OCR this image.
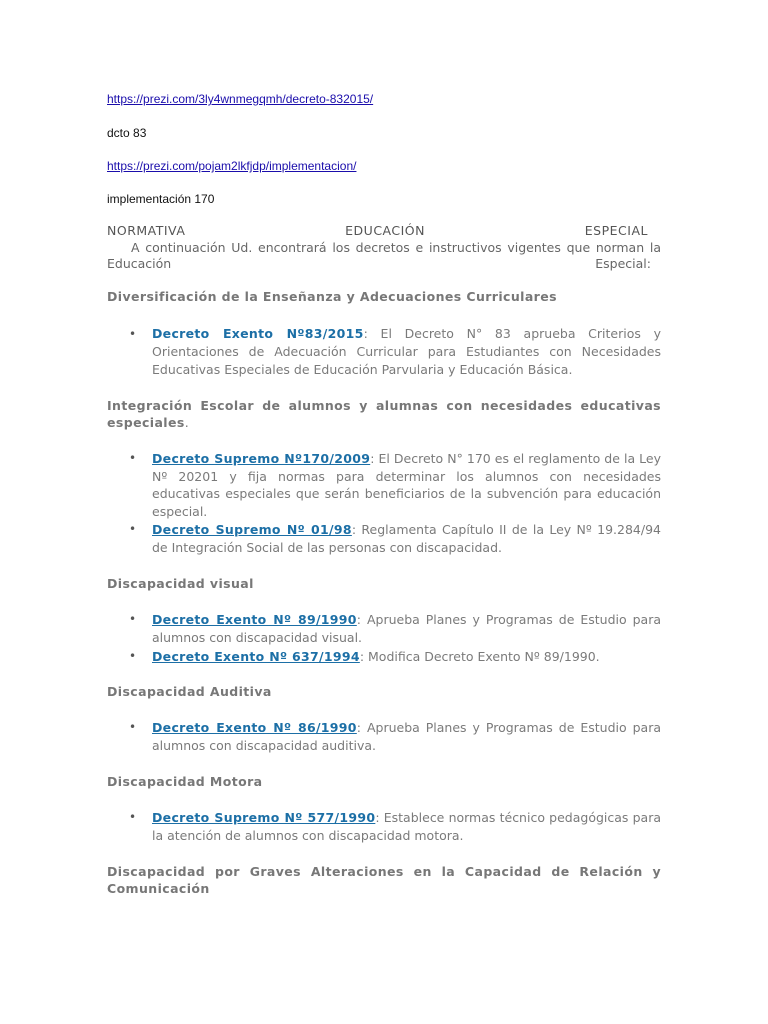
https://prezi.com/3ly4wnmegqmh/decreto-832015/
dcto 83
https://prezi.com/pojam2lkfjdp/implementacion/
implementación 170
NORMATIVA	EDUCACIÓN	ESPECIAL
A continuación Ud. encontrará los decretos e instructivos vigentes que norman la
Educación	Especial:
Diversificación de la Enseñanza y Adecuaciones Curriculares
• Decreto Exento Nº83/2015: El Decreto N° 83 aprueba Criterios y Orientaciones de Adecuación Curricular para Estudiantes con Necesidades Educativas Especiales de Educación Parvularia y Educación Básica.
Integración Escolar de alumnos y alumnas con necesidades educativas especiales.
• Decreto Supremo Nº170/2009: El Decreto N° 170 es el reglamento de la Ley Nº 20201 y fija normas para determinar los alumnos con necesidades educativas especiales que serán beneficiarios de la subvención para educación especial.
• Decreto Supremo Nº 01/98: Reglamenta Capítulo II de la Ley Nº 19.284/94 de Integración Social de las personas con discapacidad.
Discapacidad visual
• Decreto Exento Nº 89/1990: Aprueba Planes y Programas de Estudio para alumnos con discapacidad visual.
• Decreto Exento Nº 637/1994: Modifica Decreto Exento Nº 89/1990.
Discapacidad Auditiva
• Decreto Exento Nº 86/1990: Aprueba Planes y Programas de Estudio para alumnos con discapacidad auditiva.
Discapacidad Motora
• Decreto Supremo Nº 577/1990: Establece normas técnico pedagógicas para la atención de alumnos con discapacidad motora.
Discapacidad por Graves Alteraciones en la Capacidad de Relación y Comunicación
